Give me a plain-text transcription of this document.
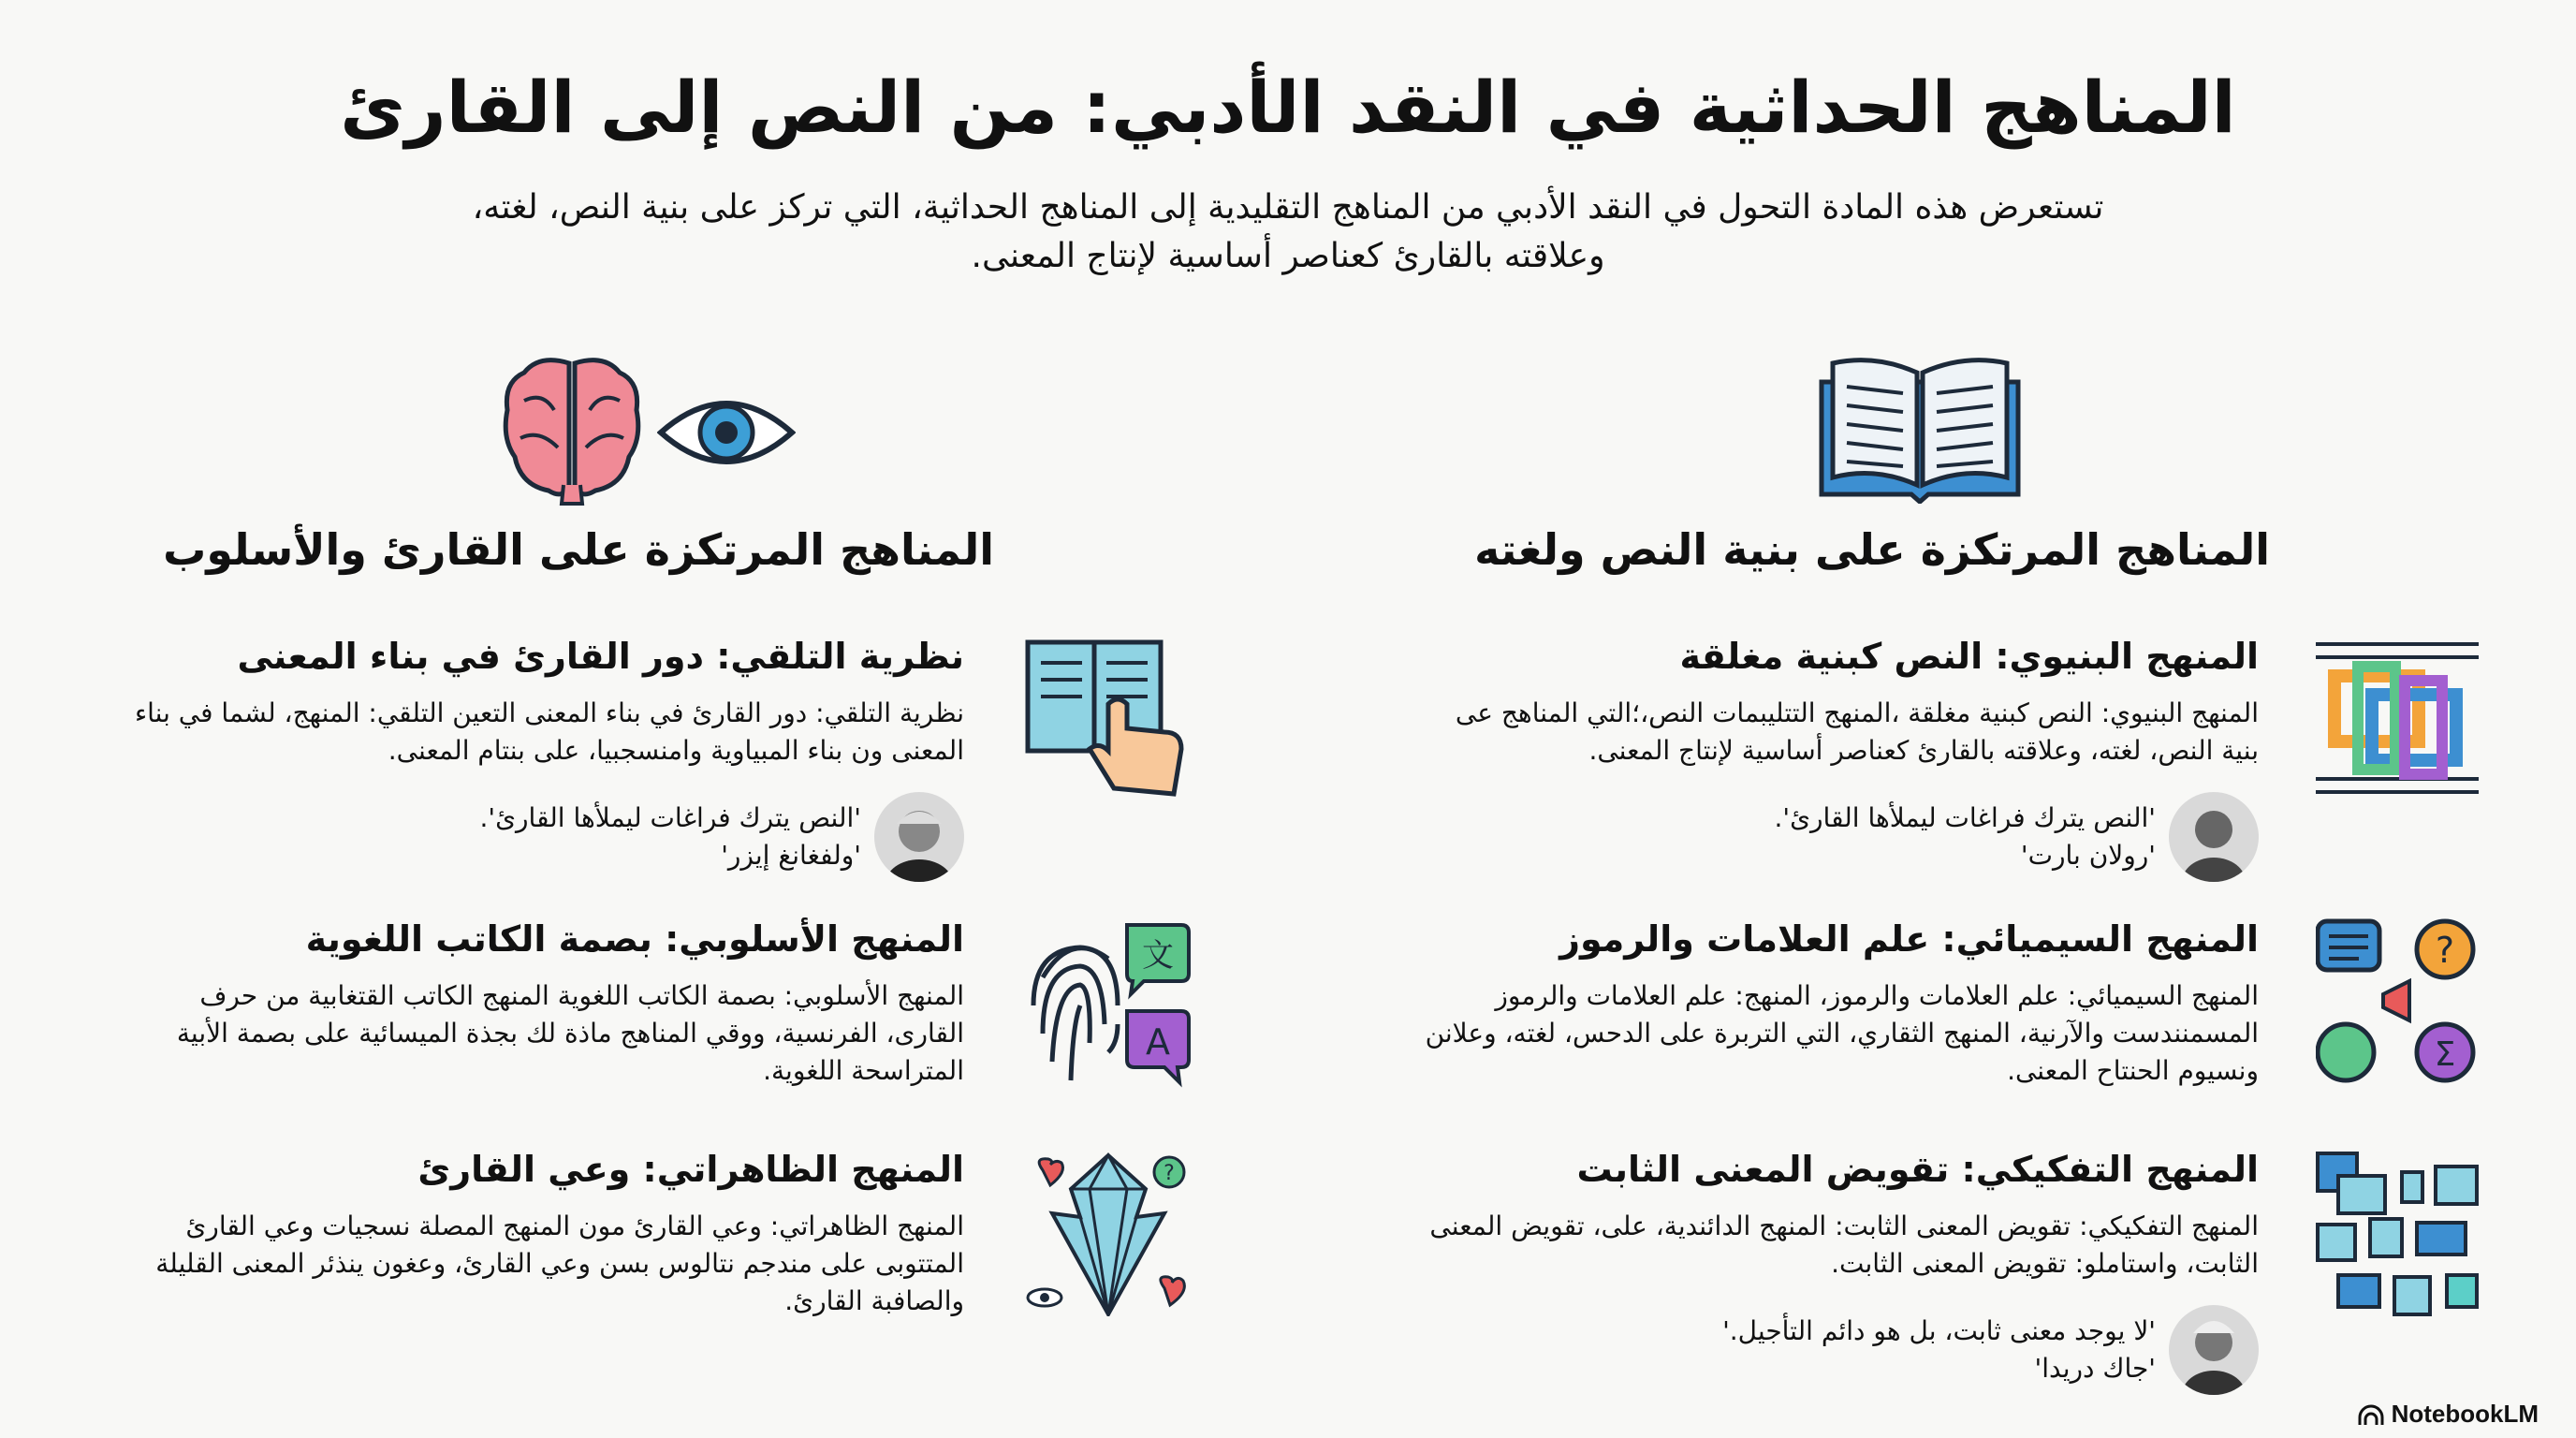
المناهج الحداثية في النقد الأدبي: من النص إلى القارئ
تستعرض هذه المادة التحول في النقد الأدبي من المناهج التقليدية إلى المناهج الحداثية، التي تركز على بنية النص، لغته، وعلاقته بالقارئ كعناصر أساسية لإنتاج المعنى.
المناهج المرتكزة على بنية النص ولغته
المنهج البنيوي: النص كبنية مغلقة

المنهج البنيوي: النص كبنية مغلقة ،المنهج التتليبمات النص،؛التي المناهج عى بنية النص، لغته، وعلاقته بالقارئ كعناصر أساسية لإنتاج المعنى.

'النص يترك فراغات ليملأها القارئ'.
'رولان بارت'
المنهج السيميائي: علم العلامات والرموز

المنهج السيميائي: علم العلامات والرموز، المنهج: علم العلامات والرموز المسمنندست والآرنية، المنهج الثقاري، التي التربرة على الدحس، لغته، وعلانن ونسيوم الحنتاح المعنى.

?
Σ
المنهج التفكيكي: تقويض المعنى الثابت

المنهج التفكيكي: تقويض المعنى الثابت: المنهج الدائندية، على، تقويض المعنى الثابت، واستاملو: تقويض المعنى الثابت.

'لا يوجد معنى ثابت، بل هو دائم التأجيل.'
'جاك دريدا'
المناهج المرتكزة على القارئ والأسلوب
نظرية التلقي: دور القارئ في بناء المعنى

نظرية التلقي: دور القارئ في بناء المعنى التعين التلقي: المنهج، لشما في بناء المعنى ون بناء المبياوية وامنسجبيا، على بنتام المعنى.

'النص يترك فراغات ليملأها القارئ'.
'ولفغانغ إيزر'
المنهج الأسلوبي: بصمة الكاتب اللغوية

المنهج الأسلوبي: بصمة الكاتب اللغوية المنهج الكاتب القتغابية من حرف القارى، الفرنسية، ووقي المناهج ماذة لك بجذة الميسائية على بصمة الأبية المتراسحة اللغوية.

文
A
المنهج الظاهراتي: وعي القارئ

المنهج الظاهراتي: وعي القارئ مون المنهج المصلة نسجيات وعي القارئ المتتوبى على مندجم نتالوس بسن وعي القارئ، وعغون ينذئر المعنى القليلة والصافبة القارئ.

?
NotebookLM
